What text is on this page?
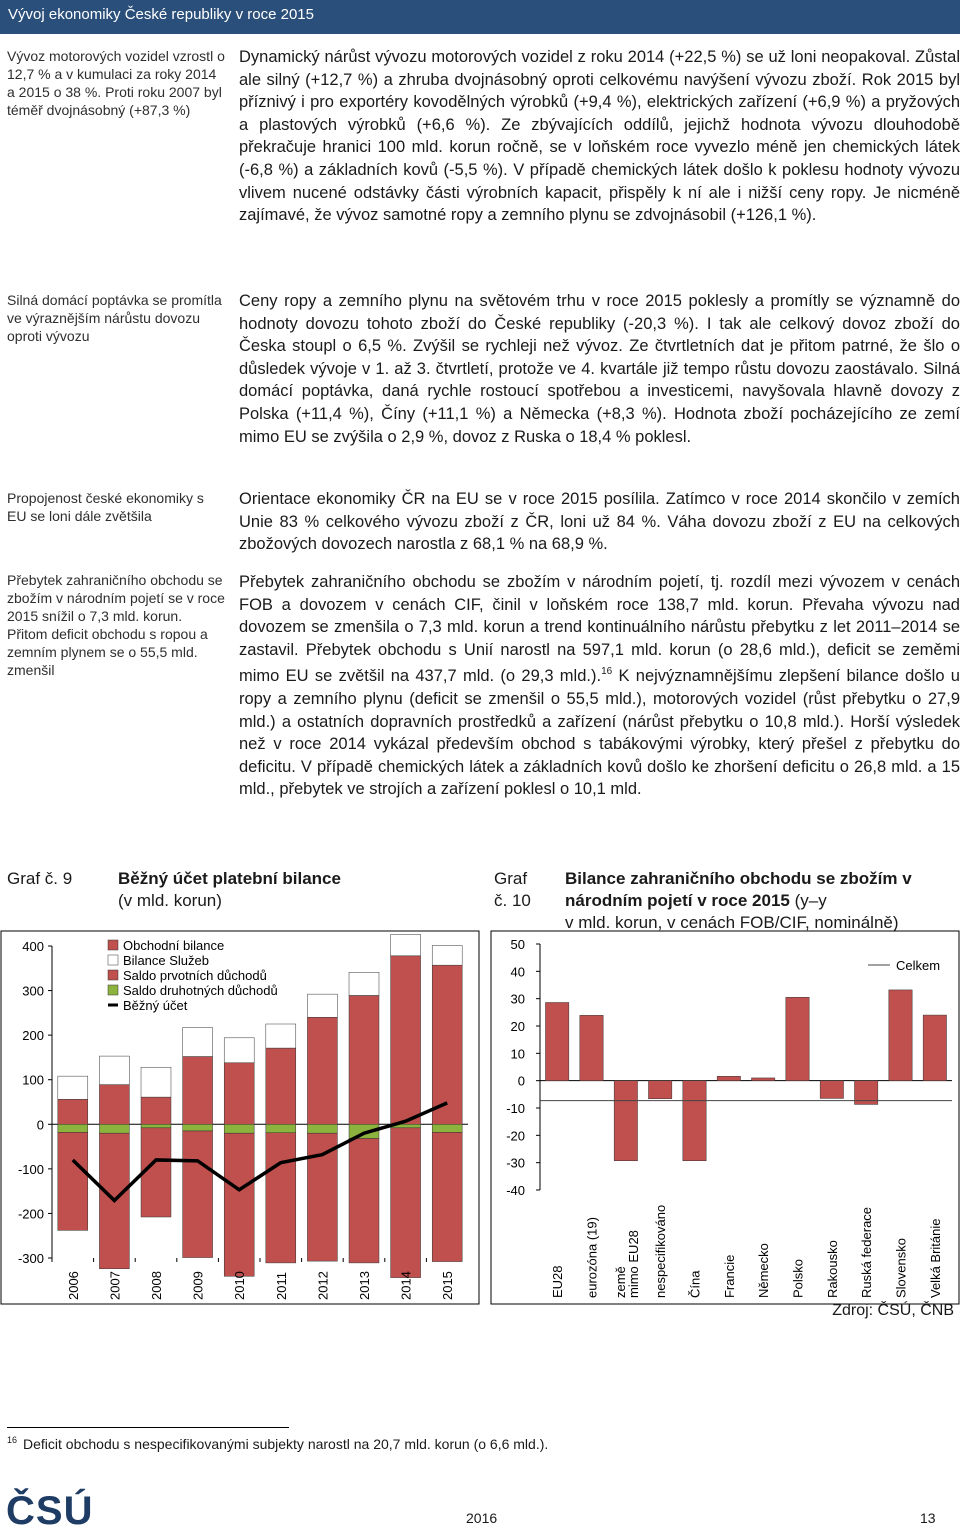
Vývoj ekonomiky České republiky v roce 2015
Vývoz motorových vozidel vzrostl o 12,7 % a v kumulaci za roky 2014 a 2015 o 38 %. Proti roku 2007 byl téměř dvojnásobný (+87,3 %)
Silná domácí poptávka se promítla ve výraznějším nárůstu dovozu oproti vývozu
Propojenost české ekonomiky s EU se loni dále zvětšila
Přebytek zahraničního obchodu se zbožím v národním pojetí se v roce 2015 snížil o 7,3 mld. korun. Přitom deficit obchodu s ropou a zemním plynem se o 55,5 mld. zmenšil

Dynamický nárůst vývozu motorových vozidel z roku 2014 (+22,5 %) se už loni neopakoval. Zůstal ale silný (+12,7 %) a zhruba dvojnásobný oproti celkovému navýšení vývozu zboží. Rok 2015 byl příznivý i pro exportéry kovodělných výrobků (+9,4 %), elektrických zařízení (+6,9 %) a pryžových a plastových výrobků (+6,6 %). Ze zbývajících oddílů, jejichž hodnota vývozu dlouhodobě překračuje hranici 100 mld. korun ročně, se v loňském roce vyvezlo méně jen chemických látek (-6,8 %) a základních kovů (-5,5 %). V případě chemických látek došlo k poklesu hodnoty vývozu vlivem nucené odstávky části výrobních kapacit, přispěly k ní ale i nižší ceny ropy. Je nicméně zajímavé, že vývoz samotné ropy a zemního plynu se zdvojnásobil (+126,1 %).

Ceny ropy a zemního plynu na světovém trhu v roce 2015 poklesly a promítly se významně do hodnoty dovozu tohoto zboží do České republiky (-20,3 %). I tak ale celkový dovoz zboží do Česka stoupl o 6,5 %. Zvýšil se rychleji než vývoz. Ze čtvrtletních dat je přitom patrné, že šlo o důsledek vývoje v 1. až 3. čtvrtletí, protože ve 4. kvartále již tempo růstu dovozu zaostávalo. Silná domácí poptávka, daná rychle rostoucí spotřebou a investicemi, navyšovala hlavně dovozy z Polska (+11,4 %), Číny (+11,1 %) a Německa (+8,3 %). Hodnota zboží pocházejícího ze zemí mimo EU se zvýšila o 2,9 %, dovoz z Ruska o 18,4 % poklesl.

Orientace ekonomiky ČR na EU se v roce 2015 posílila. Zatímco v roce 2014 skončilo v zemích Unie 83 % celkového vývozu zboží z ČR, loni už 84 %. Váha dovozu zboží z EU na celkových zbožových dovozech narostla z 68,1 % na 68,9 %.

Přebytek zahraničního obchodu se zbožím v národním pojetí, tj. rozdíl mezi vývozem v cenách FOB a dovozem v cenách CIF, činil v loňském roce 138,7 mld. korun. Převaha vývozu nad dovozem se zmenšila o 7,3 mld. korun a trend kontinuálního nárůstu přebytku z let 2011–2014 se zastavil. Přebytek obchodu s Unií narostl na 597,1 mld. korun (o 28,6 mld.), deficit se zeměmi mimo EU se zvětšil na 437,7 mld. (o 29,3 mld.).$^{16}$ K nejvýznamnějšímu zlepšení bilance došlo u ropy a zemního plynu (deficit se zmenšil o 55,5 mld.), motorových vozidel (růst přebytku o 27,9 mld.) a ostatních dopravních prostředků a zařízení (nárůst přebytku o 10,8 mld.). Horší výsledek než v roce 2014 vykázal především obchod s tabákovými výrobky, který přešel z přebytku do deficitu. V případě chemických látek a základních kovů došlo ke zhoršení deficitu o 26,8 mld. a 15 mld., přebytek ve strojích a zařízení poklesl o 10,1 mld.

Graf č. 9	Běžný účet platební bilance
(v mld. korun)
Graf
č. 10
Bilance zahraničního obchodu se zbožím v národním pojetí v roce 2015 (y–y
v mld. korun, v cenách FOB/CIF, nominálně)
-300
-200
-100
0
100
200
300
400
2006 2007 2008 2009 2010 2011 2012 2013 2014 2015
Obchodní bilance
Bilance Služeb
Saldo prvotních důchodů
Saldo druhotných důchodů
Běžný účet
-40
-30
-20
-10
0
10
20
30
40
50
EU28 eurozóna (19) zeměmimo EU28 nespecifikováno Čína Francie Německo Polsko Rakousko Ruská federace Slovensko Velká Británie
Celkem
Zdroj: ČSÚ, ČNB
$^{16}$ Deficit obchodu s nespecifikovanými subjekty narostl na 20,7 mld. korun (o 6,6 mld.).
ČSÚ	2016	13
